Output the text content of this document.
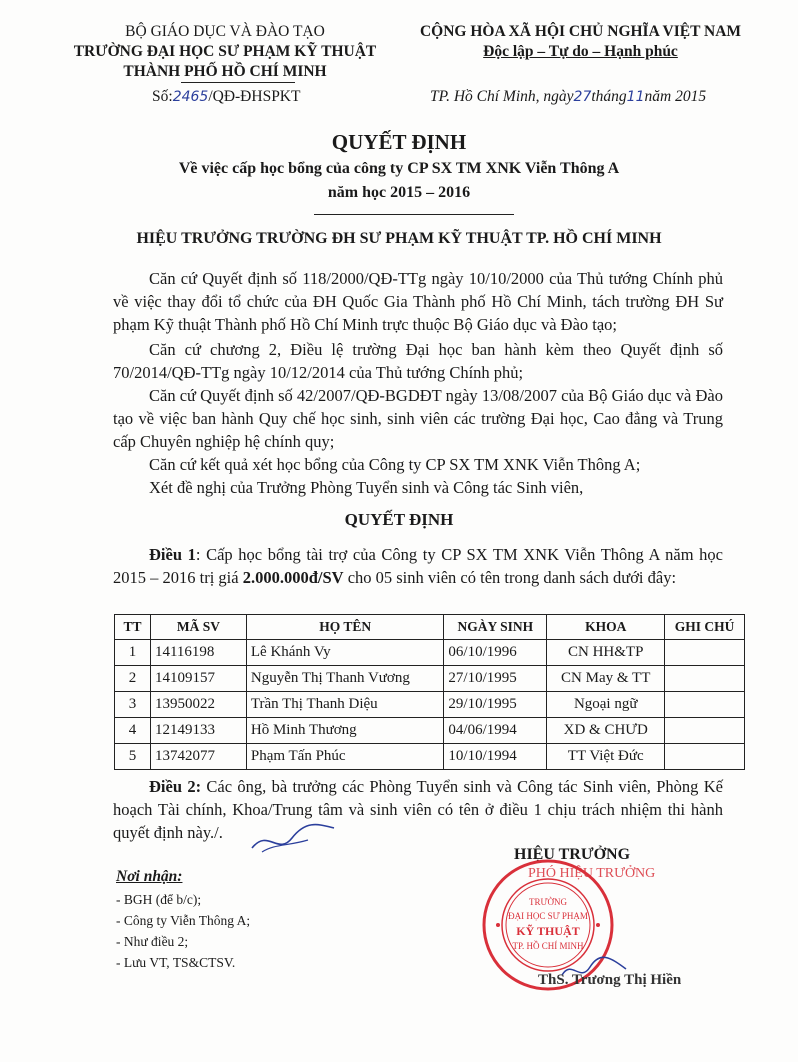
BỘ GIÁO DỤC VÀ ĐÀO TẠO
TRƯỜNG ĐẠI HỌC SƯ PHẠM KỸ THUẬT
THÀNH PHỐ HỒ CHÍ MINH
Số:2465/QĐ-ĐHSPKT
CỘNG HÒA XÃ HỘI CHỦ NGHĨA VIỆT NAM
Độc lập – Tự do – Hạnh phúc
TP. Hồ Chí Minh, ngày27tháng11năm 2015
QUYẾT ĐỊNH
Về việc cấp học bổng của công ty CP SX TM XNK Viễn Thông A
năm học 2015 – 2016
HIỆU TRƯỞNG TRƯỜNG ĐH SƯ PHẠM KỸ THUẬT TP. HỒ CHÍ MINH
Căn cứ Quyết định số 118/2000/QĐ-TTg ngày 10/10/2000 của Thủ tướng Chính phủ về việc thay đổi tổ chức của ĐH Quốc Gia Thành phố Hồ Chí Minh, tách trường ĐH Sư phạm Kỹ thuật Thành phố Hồ Chí Minh trực thuộc Bộ Giáo dục và Đào tạo;
Căn cứ chương 2, Điều lệ trường Đại học ban hành kèm theo Quyết định số 70/2014/QĐ-TTg ngày 10/12/2014 của Thủ tướng Chính phủ;
Căn cứ Quyết định số 42/2007/QĐ-BGDĐT ngày 13/08/2007 của Bộ Giáo dục và Đào tạo về việc ban hành Quy chế học sinh, sinh viên các trường Đại học, Cao đẳng và Trung cấp Chuyên nghiệp hệ chính quy;
Căn cứ kết quả xét học bổng của Công ty CP SX TM XNK Viễn Thông A;
Xét đề nghị của Trưởng Phòng Tuyển sinh và Công tác Sinh viên,
QUYẾT ĐỊNH
Điều 1: Cấp học bổng tài trợ của Công ty CP SX TM XNK Viễn Thông A năm học 2015 – 2016 trị giá 2.000.000đ/SV cho 05 sinh viên có tên trong danh sách dưới đây:
TT	MÃ SV	HỌ TÊN	NGÀY SINH	KHOA	GHI CHÚ
1	14116198	Lê Khánh Vy	06/10/1996	CN HH&TP	
2	14109157	Nguyễn Thị Thanh Vương	27/10/1995	CN May & TT	
3	13950022	Trần Thị Thanh Diệu	29/10/1995	Ngoại ngữ	
4	12149133	Hồ Minh Thương	04/06/1994	XD & CHƯD	
5	13742077	Phạm Tấn Phúc	10/10/1994	TT Việt Đức	
Điều 2: Các ông, bà trưởng các Phòng Tuyển sinh và Công tác Sinh viên, Phòng Kế hoạch Tài chính, Khoa/Trung tâm và sinh viên có tên ở điều 1 chịu trách nhiệm thi hành quyết định này./.
Nơi nhận:
- BGH (để b/c);
- Công ty Viễn Thông A;
- Như điều 2;
- Lưu VT, TS&CTSV.
HIỆU TRƯỞNG
PHÓ HIỆU TRƯỞNG
TRƯỜNG
ĐẠI HỌC SƯ PHẠM
KỸ THUẬT
TP. HỒ CHÍ MINH
ThS. Trương Thị Hiền
